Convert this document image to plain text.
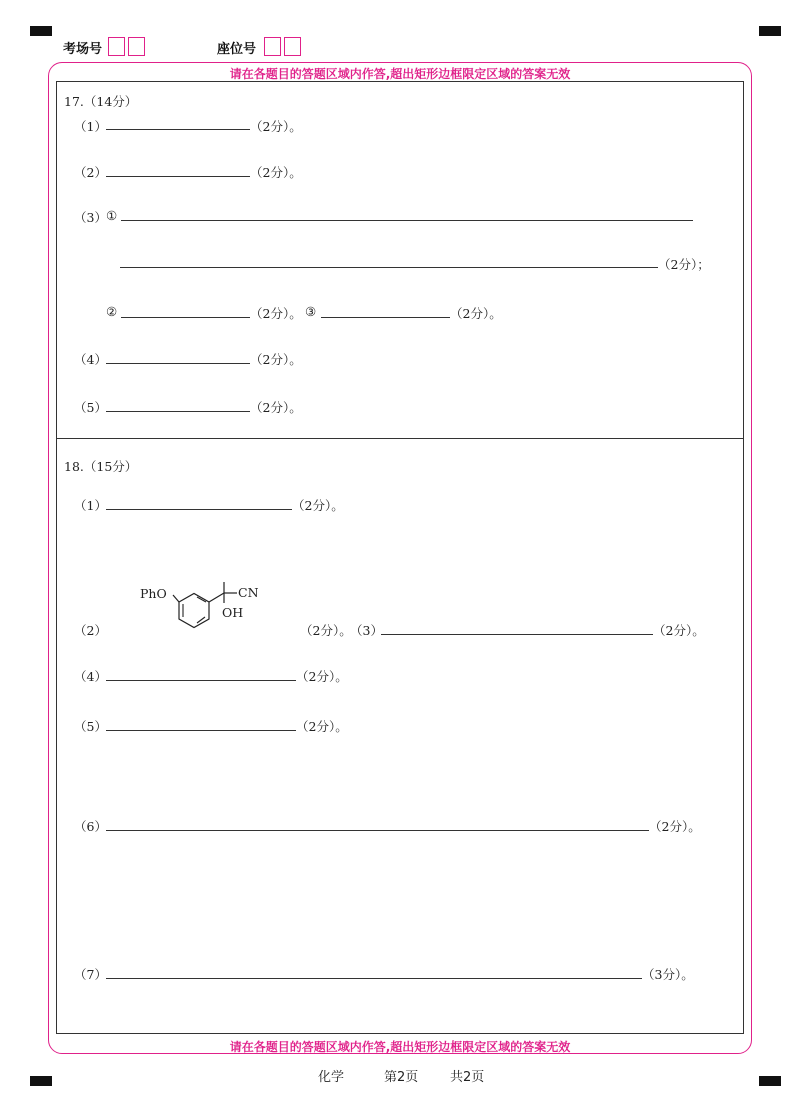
考场号	座位号
请在各题目的答题区域内作答,超出矩形边框限定区域的答案无效
请在各题目的答题区域内作答,超出矩形边框限定区域的答案无效
17.（14分）
（1）	（2分）。
（2）	（2分）。
（3） ①
（2分）；
②	（2分）。 ③	（2分）。
（4）	（2分）。
（5）	（2分）。
18.（15分）
（1）	（2分）。
（2）
PhO	CN
OH
（2分）。
（3）	（2分）。
（4）	（2分）。
（5）	（2分）。
（6）	（2分）。
（7）	（3分）。
化学	第2页 共2页
